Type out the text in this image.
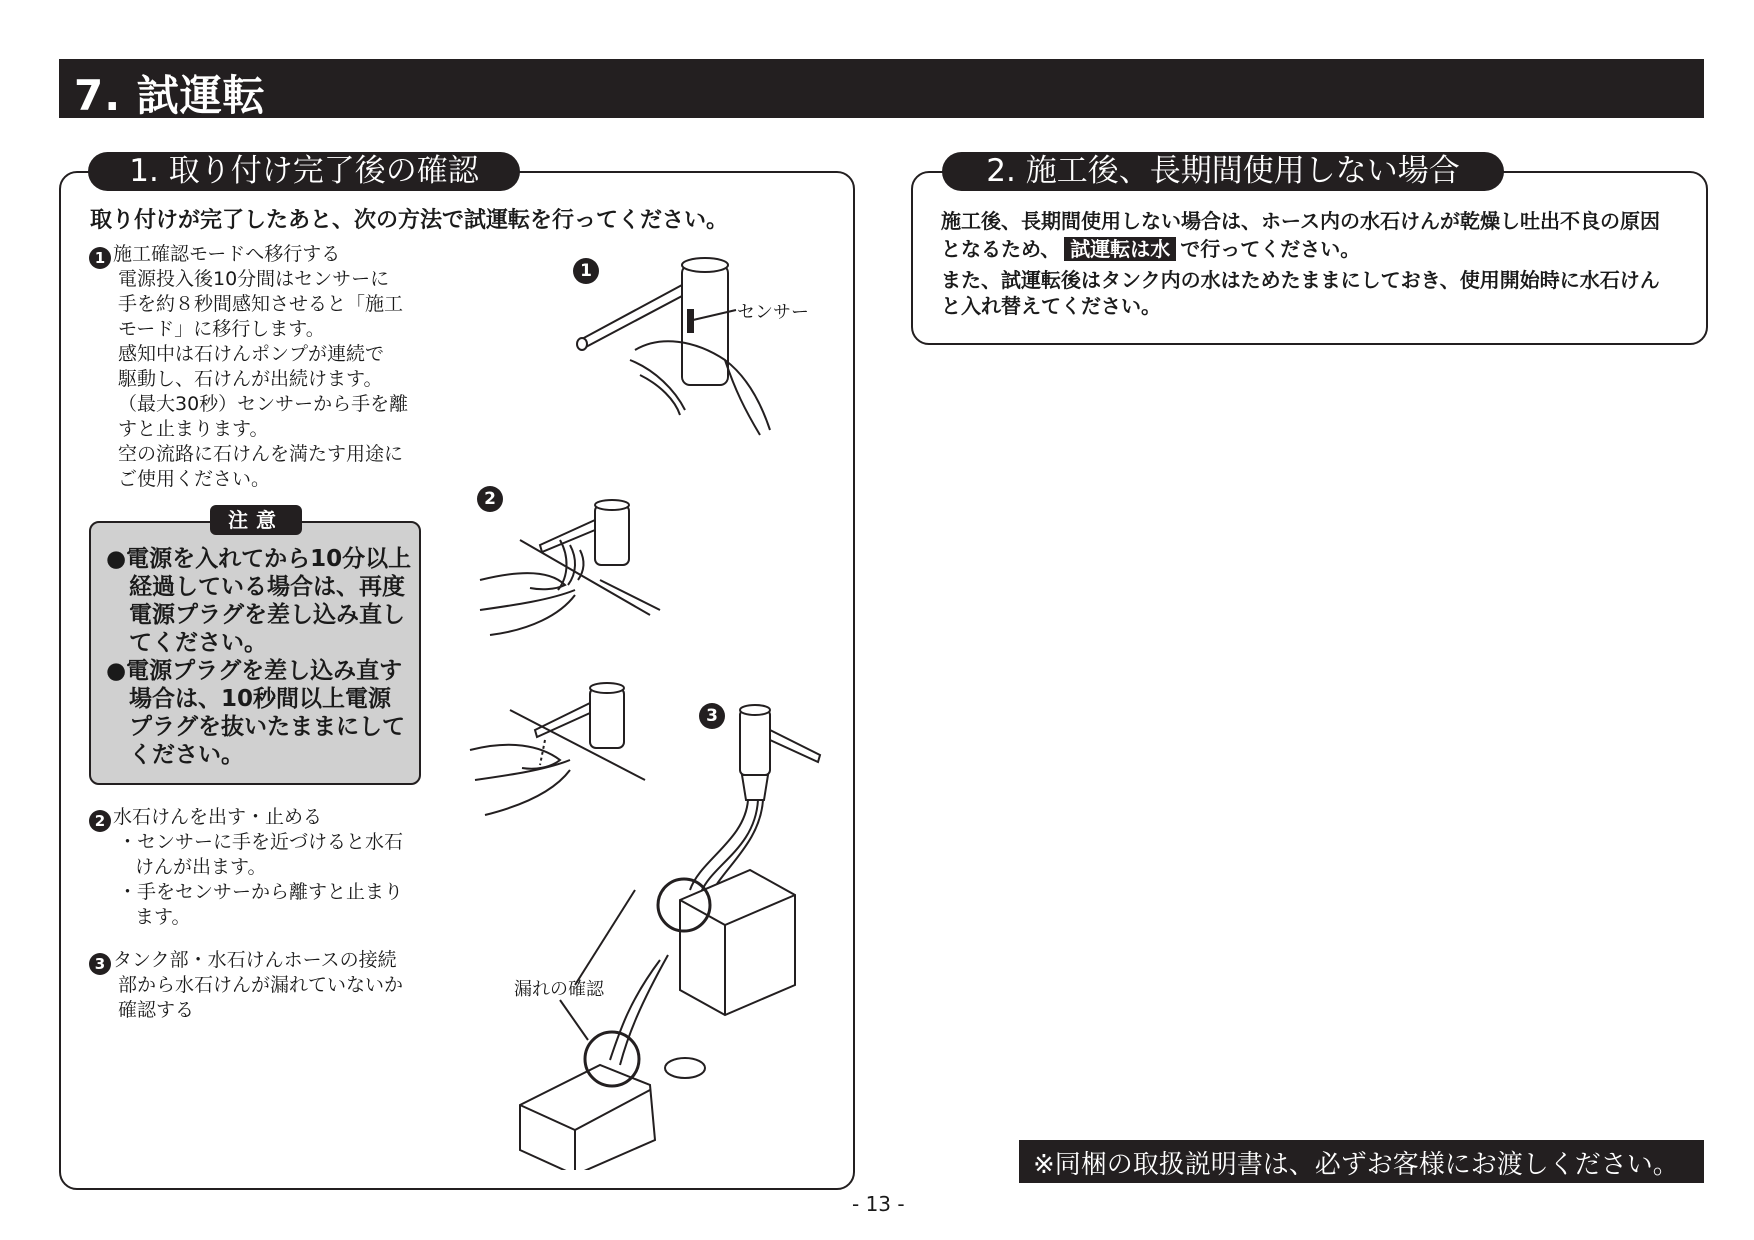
7. 試運転
1. 取り付け完了後の確認
取り付けが完了したあと、次の方法で試運転を行ってください。
1 施工確認モードへ移行する
電源投入後10分間はセンサーに
手を約８秒間感知させると「施工
モード」に移行します。
感知中は石けんポンプが連続で
駆動し、石けんが出続けます。
（最大30秒）センサーから手を離
すと止まります。
空の流路に石けんを満たす用途に
ご使用ください。
注意
●電源を入れてから10分以上
経過している場合は、再度
電源プラグを差し込み直し
てください。
●電源プラグを差し込み直す
場合は、10秒間以上電源
プラグを抜いたままにして
ください。
2 水石けんを出す・止める
・センサーに手を近づけると水石
けんが出ます。
・手をセンサーから離すと止まり
ます。
3 タンク部・水石けんホースの接続
部から水石けんが漏れていないか
確認する
1
2
3
センサー
漏れの確認
2. 施工後、長期間使用しない場合
施工後、長期間使用しない場合は、ホース内の水石けんが乾燥し吐出不良の原因
となるため、 試運転は水 で行ってください。
また、試運転後はタンク内の水はためたままにしておき、使用開始時に水石けん
と入れ替えてください。
※同梱の取扱説明書は、必ずお客様にお渡しください。
- 13 -
